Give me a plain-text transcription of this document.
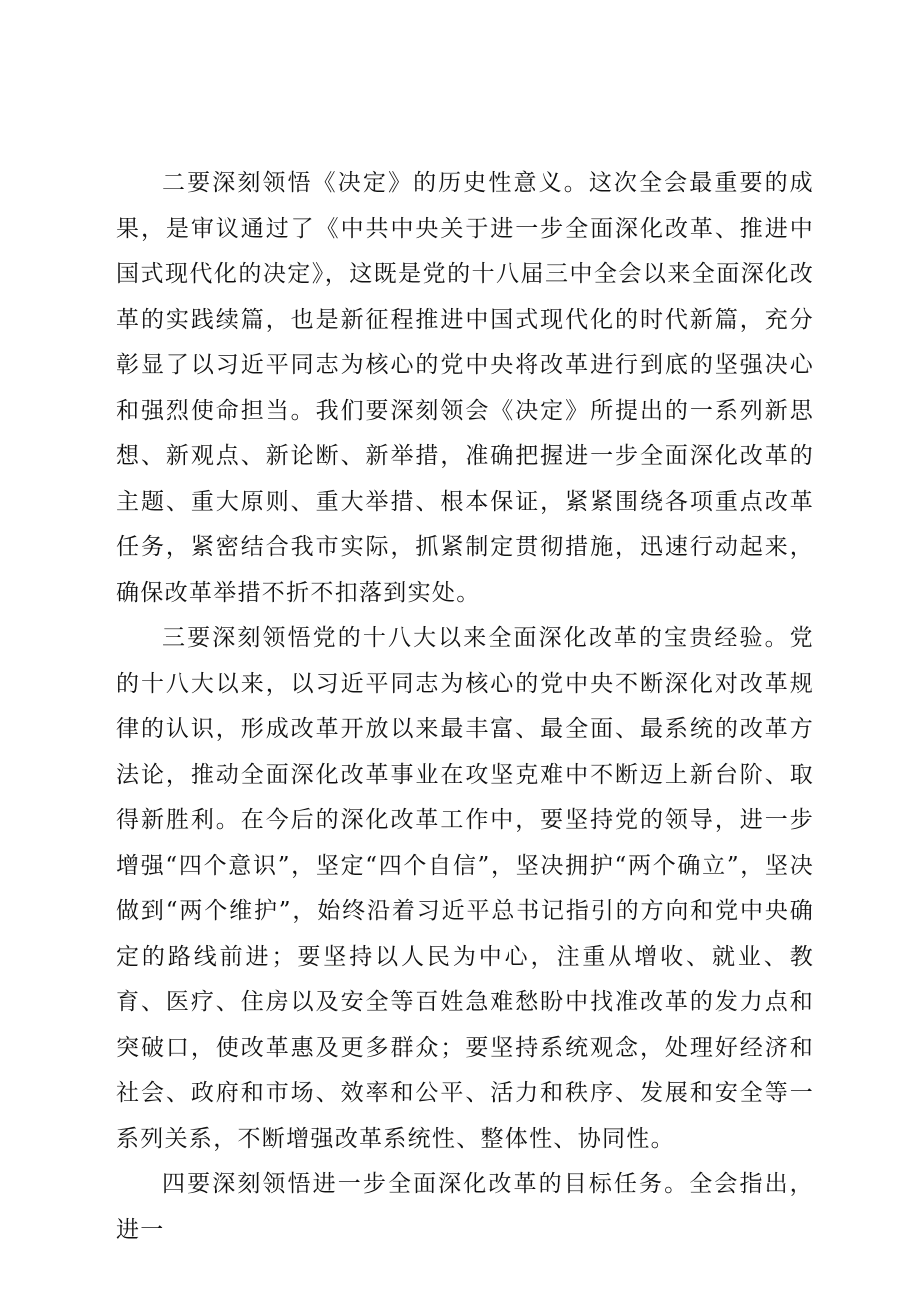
二要深刻领悟《决定》的历史性意义。这次全会最重要的成果，是审议通过了《中共中央关于进一步全面深化改革、推进中国式现代化的决定》，这既是党的十八届三中全会以来全面深化改革的实践续篇，也是新征程推进中国式现代化的时代新篇，充分彰显了以习近平同志为核心的党中央将改革进行到底的坚强决心和强烈使命担当。我们要深刻领会《决定》所提出的一系列新思想、新观点、新论断、新举措，准确把握进一步全面深化改革的主题、重大原则、重大举措、根本保证，紧紧围绕各项重点改革任务，紧密结合我市实际，抓紧制定贯彻措施，迅速行动起来，确保改革举措不折不扣落到实处。

三要深刻领悟党的十八大以来全面深化改革的宝贵经验。党的十八大以来，以习近平同志为核心的党中央不断深化对改革规律的认识，形成改革开放以来最丰富、最全面、最系统的改革方法论，推动全面深化改革事业在攻坚克难中不断迈上新台阶、取得新胜利。在今后的深化改革工作中，要坚持党的领导，进一步增强“四个意识”，坚定“四个自信”，坚决拥护“两个确立”，坚决做到“两个维护”，始终沿着习近平总书记指引的方向和党中央确定的路线前进；要坚持以人民为中心，注重从增收、就业、教育、医疗、住房以及安全等百姓急难愁盼中找准改革的发力点和突破口，使改革惠及更多群众；要坚持系统观念，处理好经济和社会、政府和市场、效率和公平、活力和秩序、发展和安全等一系列关系，不断增强改革系统性、整体性、协同性。

四要深刻领悟进一步全面深化改革的目标任务。全会指出，进一
